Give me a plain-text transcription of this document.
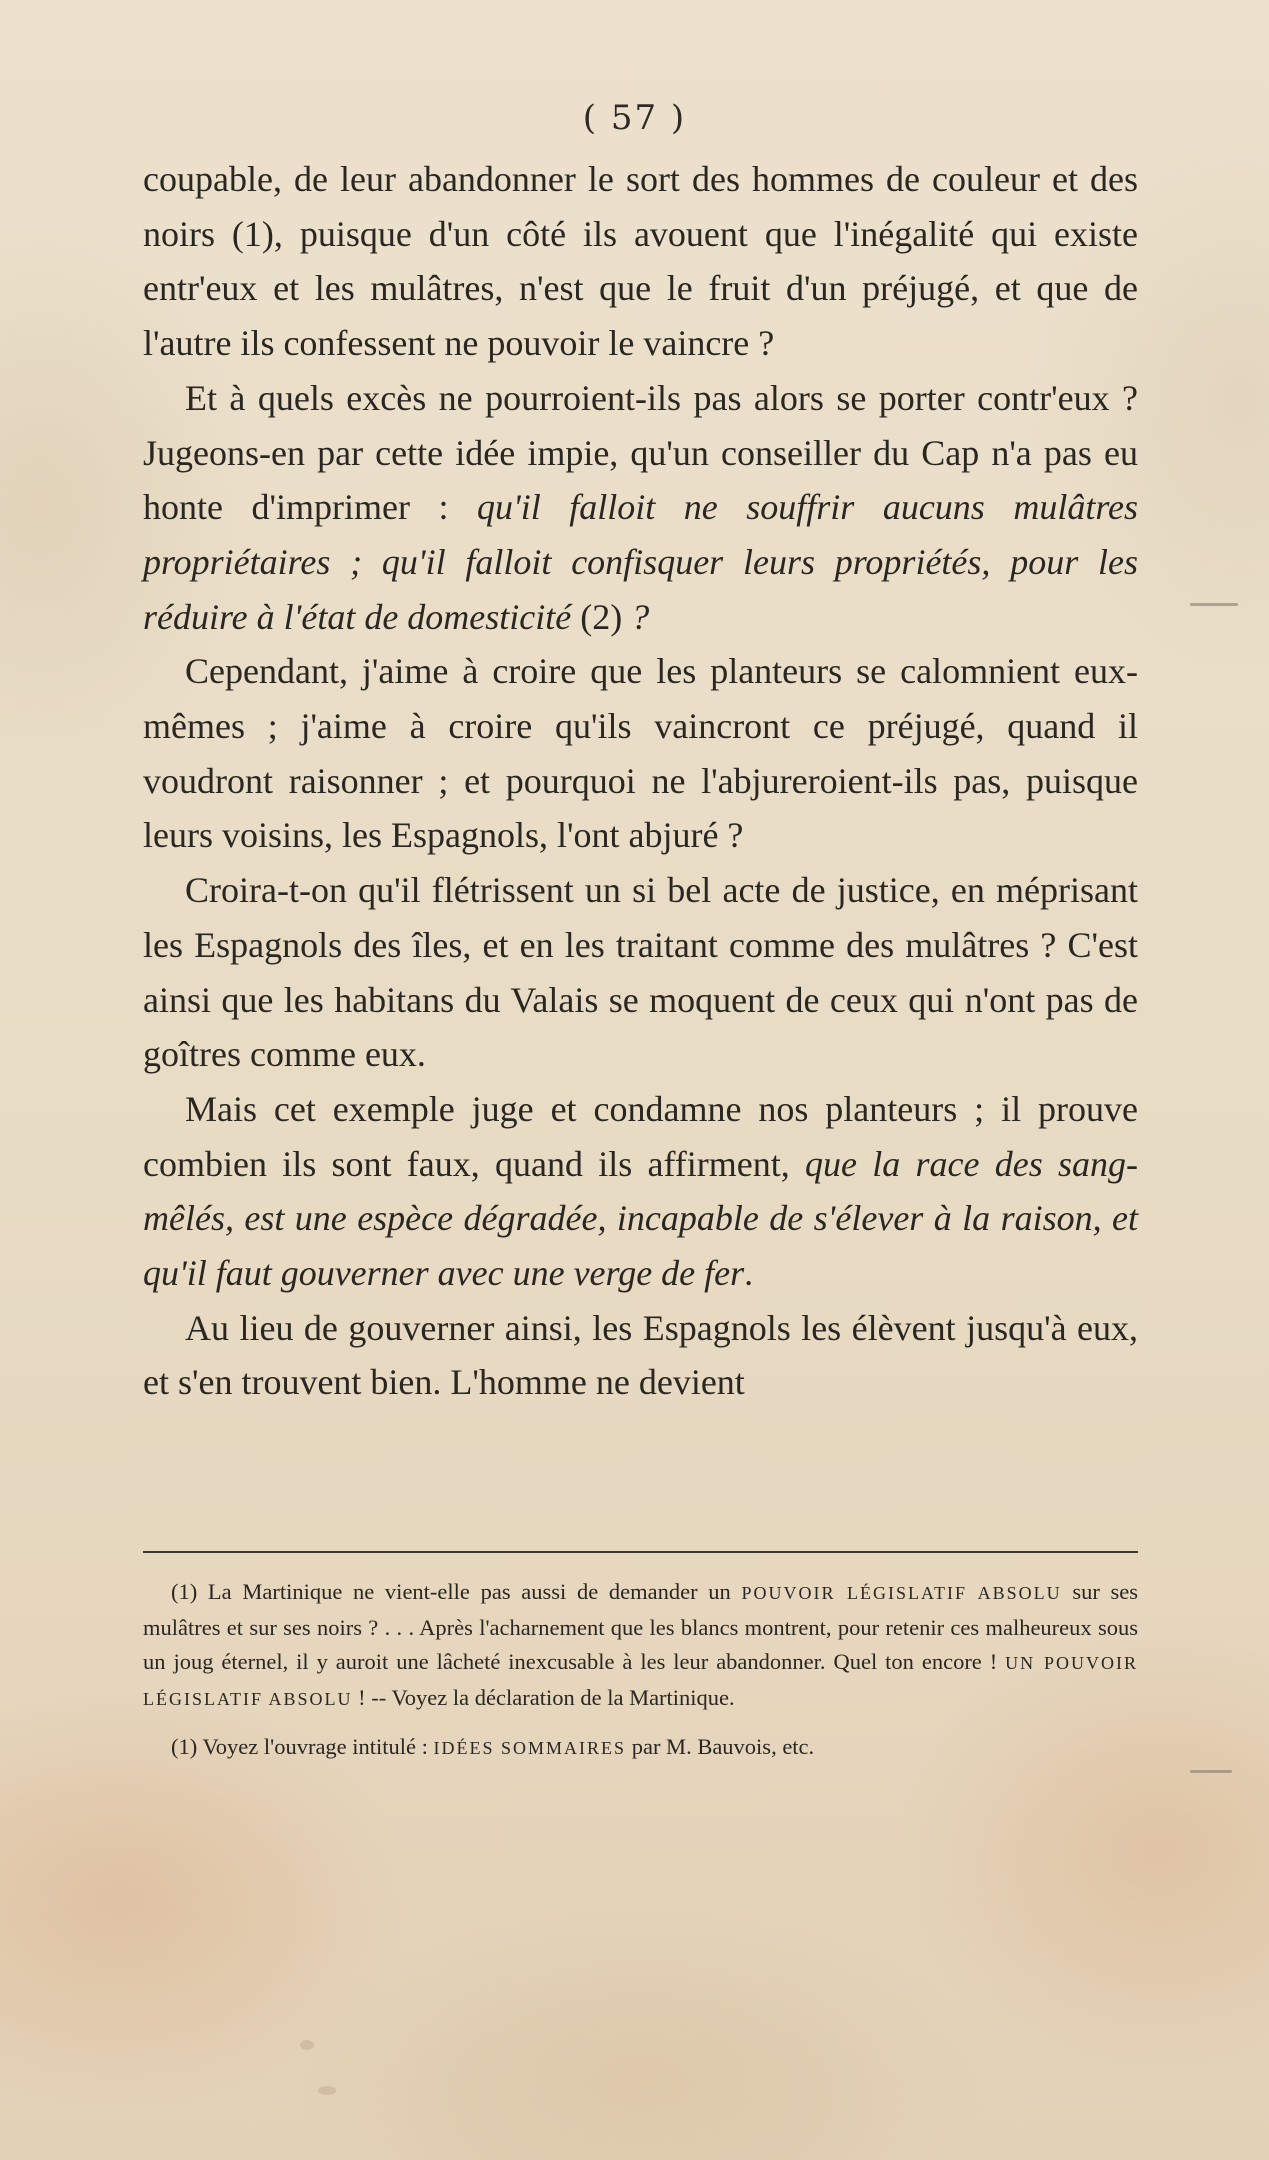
( 57 )

coupable, de leur abandonner le sort des hommes de couleur et des noirs (1), puisque d'un côté ils avouent que l'inégalité qui existe entr'eux et les mulâtres, n'est que le fruit d'un préjugé, et que de l'autre ils confessent ne pouvoir le vaincre ?

Et à quels excès ne pourroient-ils pas alors se porter contr'eux ? Jugeons-en par cette idée impie, qu'un conseiller du Cap n'a pas eu honte d'imprimer : qu'il falloit ne souffrir aucuns mulâtres propriétaires ; qu'il falloit confisquer leurs propriétés, pour les réduire à l'état de domesticité (2) ?

Cependant, j'aime à croire que les planteurs se calomnient eux-mêmes ; j'aime à croire qu'ils vaincront ce préjugé, quand il voudront raisonner ; et pourquoi ne l'abjureroient-ils pas, puisque leurs voisins, les Espagnols, l'ont abjuré ?

Croira-t-on qu'il flétrissent un si bel acte de justice, en méprisant les Espagnols des îles, et en les traitant comme des mulâtres ? C'est ainsi que les habitans du Valais se moquent de ceux qui n'ont pas de goîtres comme eux.

Mais cet exemple juge et condamne nos planteurs ; il prouve combien ils sont faux, quand ils affirment, que la race des sang-mêlés, est une espèce dégradée, incapable de s'élever à la raison, et qu'il faut gouverner avec une verge de fer.

Au lieu de gouverner ainsi, les Espagnols les élèvent jusqu'à eux, et s'en trouvent bien. L'homme ne devient

(1) La Martinique ne vient-elle pas aussi de demander un POUVOIR LÉGISLATIF ABSOLU sur ses mulâtres et sur ses noirs ? . . . Après l'acharnement que les blancs montrent, pour retenir ces malheureux sous un joug éternel, il y auroit une lâcheté inexcusable à les leur abandonner. Quel ton encore ! UN POUVOIR LÉGISLATIF ABSOLU ! -- Voyez la déclaration de la Martinique.

(1) Voyez l'ouvrage intitulé : IDÉES SOMMAIRES par M. Bauvois, etc.
